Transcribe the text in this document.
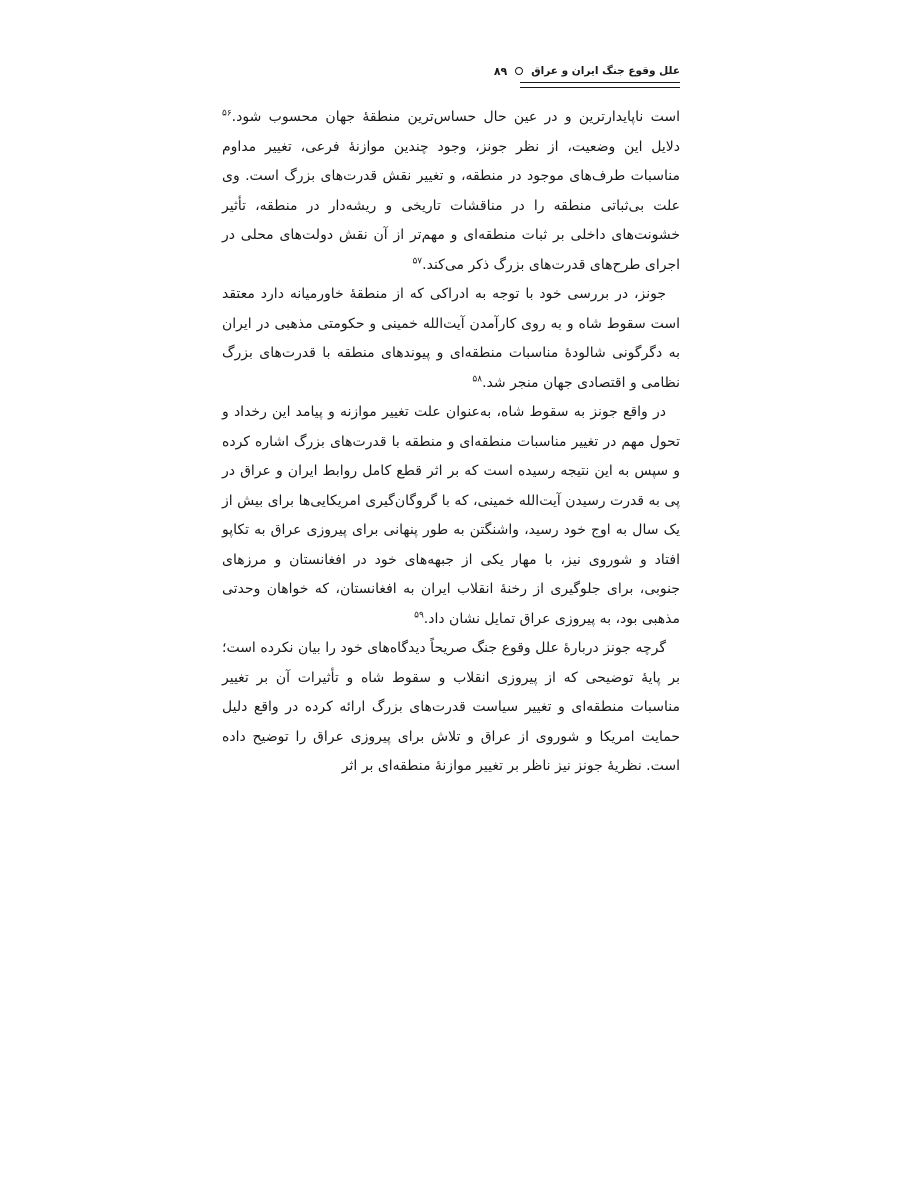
علل وقوع جنگ ایران و عراق
۸۹

است ناپایدارترین و در عین حال حساس‌ترین منطقهٔ جهان محسوب شود.$^{۵۶}$ دلایل این وضعیت، از نظر جونز، وجود چندین موازنهٔ فرعی، تغییر مداوم مناسبات طرف‌های موجود در منطقه، و تغییر نقش قدرت‌های بزرگ است. وی علت بی‌ثباتی منطقه را در مناقشات تاریخی و ریشه‌دار در منطقه، تأثیر خشونت‌های داخلی بر ثبات منطقه‌ای و مهم‌تر از آن نقش دولت‌های محلی در اجرای طرح‌های قدرت‌های بزرگ ذکر می‌کند.$^{۵۷}$

جونز، در بررسی خود با توجه به ادراکی که از منطقهٔ خاورمیانه دارد معتقد است سقوط شاه و به روی کارآمدن آیت‌الله خمینی و حکومتی مذهبی در ایران به دگرگونی شالودهٔ مناسبات منطقه‌ای و پیوندهای منطقه با قدرت‌های بزرگ نظامی و اقتصادی جهان منجر شد.$^{۵۸}$

در واقع جونز به سقوط شاه، به‌عنوان علت تغییر موازنه و پیامد این رخداد و تحول مهم در تغییر مناسبات منطقه‌ای و منطقه با قدرت‌های بزرگ اشاره کرده و سپس به این نتیجه رسیده است که بر اثر قطع کامل روابط ایران و عراق در پی به قدرت رسیدن آیت‌الله خمینی، که با گروگان‌گیری امریکایی‌ها برای بیش از یک سال به اوج خود رسید، واشنگتن به طور پنهانی برای پیروزی عراق به تکاپو افتاد و شوروی نیز، با مهار یکی از جبهه‌های خود در افغانستان و مرزهای جنوبی، برای جلوگیری از رخنهٔ انقلاب ایران به افغانستان، که خواهان وحدتی مذهبی بود، به پیروزی عراق تمایل نشان داد.$^{۵۹}$

گرچه جونز دربارهٔ علل وقوع جنگ صریحاً دیدگاه‌های خود را بیان نکرده است؛ بر پایهٔ توضیحی که از پیروزی انقلاب و سقوط شاه و تأثیرات آن بر تغییر مناسبات منطقه‌ای و تغییر سیاست قدرت‌های بزرگ ارائه کرده در واقع دلیل حمایت امریکا و شوروی از عراق و تلاش برای پیروزی عراق را توضیح داده است. نظریهٔ جونز نیز ناظر بر تغییر موازنهٔ منطقه‌ای بر اثر
